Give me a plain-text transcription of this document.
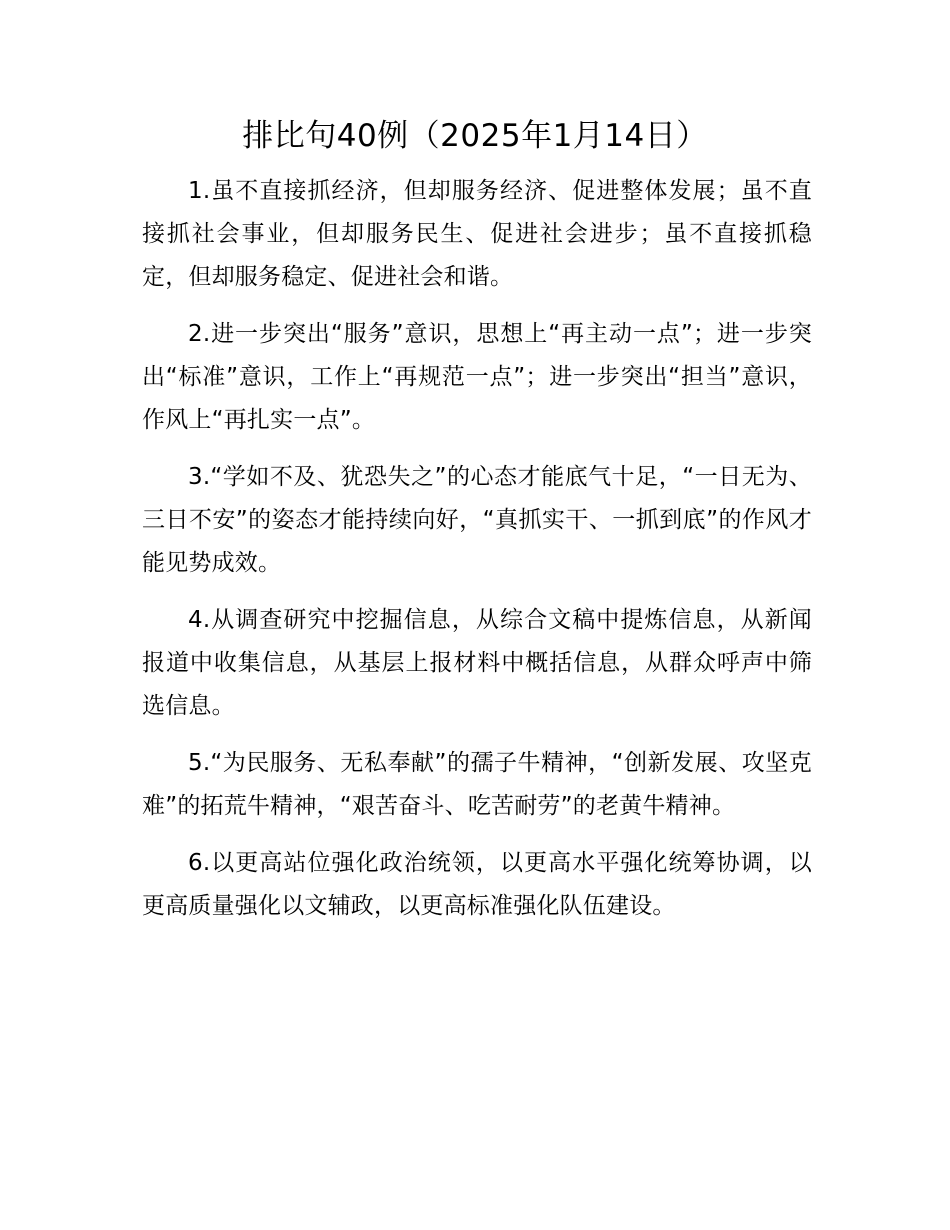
排比句40例（2025年1月14日）

1.虽不直接抓经济，但却服务经济、促进整体发展；虽不直接抓社会事业，但却服务民生、促进社会进步；虽不直接抓稳定，但却服务稳定、促进社会和谐。

2.进一步突出“服务”意识，思想上“再主动一点”；进一步突出“标准”意识，工作上“再规范一点”；进一步突出“担当”意识，作风上“再扎实一点”。

3.“学如不及、犹恐失之”的心态才能底气十足，“一日无为、三日不安”的姿态才能持续向好，“真抓实干、一抓到底”的作风才能见势成效。

4.从调查研究中挖掘信息，从综合文稿中提炼信息，从新闻报道中收集信息，从基层上报材料中概括信息，从群众呼声中筛选信息。

5.“为民服务、无私奉献”的孺子牛精神，“创新发展、攻坚克难”的拓荒牛精神，“艰苦奋斗、吃苦耐劳”的老黄牛精神。

6.以更高站位强化政治统领，以更高水平强化统筹协调，以更高质量强化以文辅政，以更高标准强化队伍建设。
